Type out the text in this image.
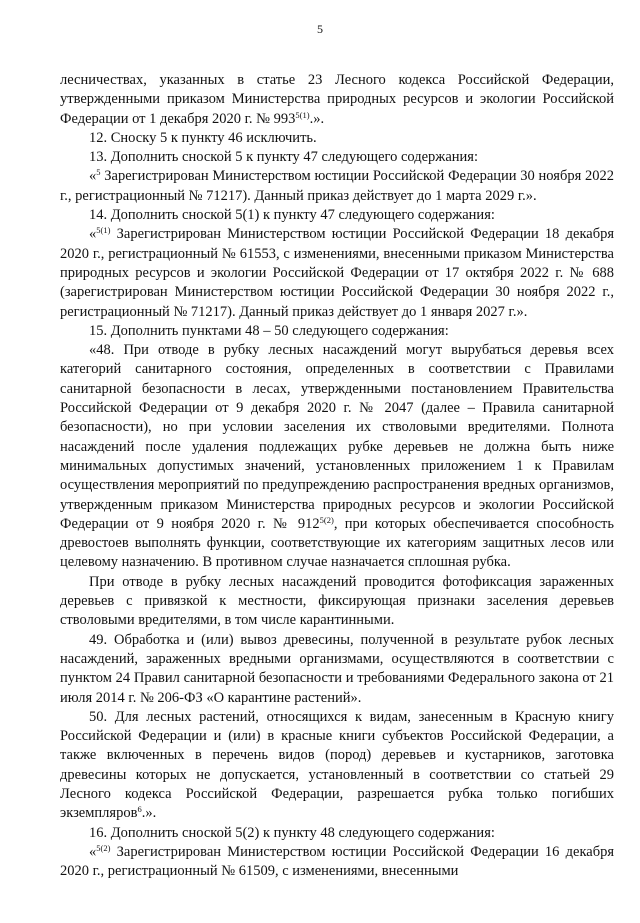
5

лесничествах, указанных в статье 23 Лесного кодекса Российской Федерации, утвержденными приказом Министерства природных ресурсов и экологии Российской Федерации от 1 декабря 2020 г. № $993^{5(1)}$.».

12. Сноску 5 к пункту 46 исключить.

13. Дополнить сноской 5 к пункту 47 следующего содержания:

«$^5$ Зарегистрирован Министерством юстиции Российской Федерации 30 ноября 2022 г., регистрационный № 71217). Данный приказ действует до 1 марта 2029 г.».

14. Дополнить сноской 5(1) к пункту 47 следующего содержания:

«$^{5(1)}$ Зарегистрирован Министерством юстиции Российской Федерации 18 декабря 2020 г., регистрационный № 61553, с изменениями, внесенными приказом Министерства природных ресурсов и экологии Российской Федерации от 17 октября 2022 г. № 688 (зарегистрирован Министерством юстиции Российской Федерации 30 ноября 2022 г., регистрационный № 71217). Данный приказ действует до 1 января 2027 г.».

15. Дополнить пунктами 48 – 50 следующего содержания:

«48. При отводе в рубку лесных насаждений могут вырубаться деревья всех категорий санитарного состояния, определенных в соответствии с Правилами санитарной безопасности в лесах, утвержденными постановлением Правительства Российской Федерации от 9 декабря 2020 г. № 2047 (далее – Правила санитарной безопасности), но при условии заселения их стволовыми вредителями. Полнота насаждений после удаления подлежащих рубке деревьев не должна быть ниже минимальных допустимых значений, установленных приложением 1 к Правилам осуществления мероприятий по предупреждению распространения вредных организмов, утвержденным приказом Министерства природных ресурсов и экологии Российской Федерации от 9 ноября 2020 г. № $912^{5(2)}$, при которых обеспечивается способность древостоев выполнять функции, соответствующие их категориям защитных лесов или целевому назначению. В противном случае назначается сплошная рубка.

При отводе в рубку лесных насаждений проводится фотофиксация зараженных деревьев с привязкой к местности, фиксирующая признаки заселения деревьев стволовыми вредителями, в том числе карантинными.

49. Обработка и (или) вывоз древесины, полученной в результате рубок лесных насаждений, зараженных вредными организмами, осуществляются в соответствии с пунктом 24 Правил санитарной безопасности и требованиями Федерального закона от 21 июля 2014 г. № 206-ФЗ «О карантине растений».

50. Для лесных растений, относящихся к видам, занесенным в Красную книгу Российской Федерации и (или) в красные книги субъектов Российской Федерации, а также включенных в перечень видов (пород) деревьев и кустарников, заготовка древесины которых не допускается, установленный в соответствии со статьей 29 Лесного кодекса Российской Федерации, разрешается рубка только погибших экземпляров$^6$.».

16. Дополнить сноской 5(2) к пункту 48 следующего содержания:

«$^{5(2)}$ Зарегистрирован Министерством юстиции Российской Федерации 16 декабря 2020 г., регистрационный № 61509, с изменениями, внесенными
